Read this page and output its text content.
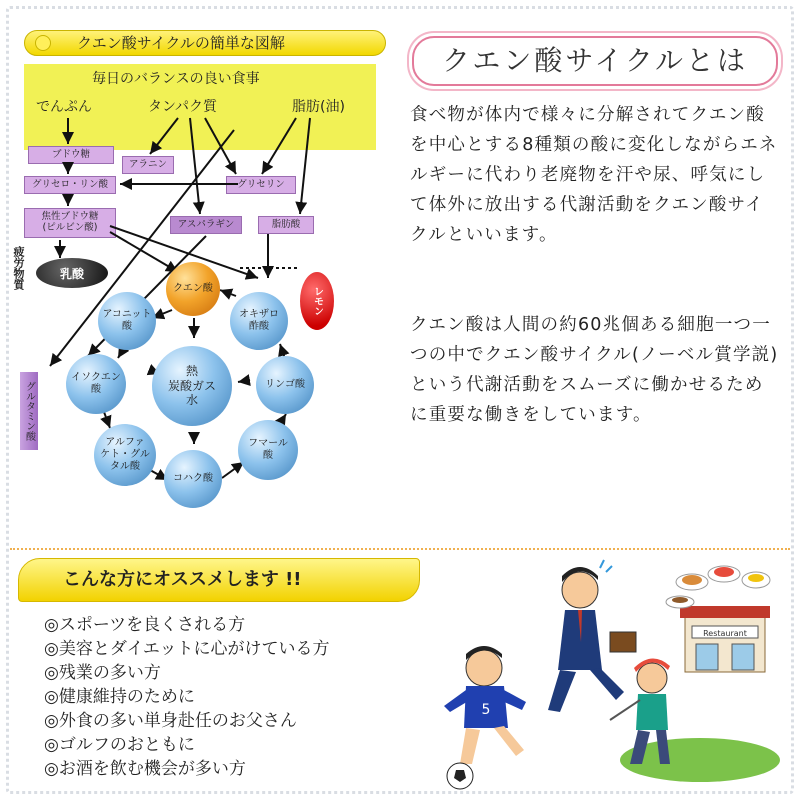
クエン酸サイクルの簡単な図解
毎日のバランスの良い食事
でんぷん	タンパク質	脂肪(油)
ブドウ糖
グリセロ・リン酸
焦性ブドウ糖
(ピルビン酸)
アラニン
アスパラギン
グリセリン
脂肪酸
疲労物質	乳酸
グルタミン酸
レモン
クエン酸
アコニット
酸
オキザロ
酢酸
熱
炭酸ガス
水
イソクエン
酸	リンゴ酸
アルファ
ケト・グル
タル酸
フマール
酸
コハク酸
クエン酸サイクルとは
食べ物が体内で様々に分解されてクエン酸を中心とする8種類の酸に変化しながらエネルギーに代わり老廃物を汗や尿、呼気にして体外に放出する代謝活動をクエン酸サイクルといいます。
クエン酸は人間の約60兆個ある細胞一つ一つの中でクエン酸サイクル(ノーベル賞学説)という代謝活動をスムーズに働かせるために重要な働きをしています。
こんな方にオススメします !!
◎スポーツを良くされる方
◎美容とダイエットに心がけている方
◎残業の多い方
◎健康維持のために
◎外食の多い単身赴任のお父さん
◎ゴルフのおともに
◎お酒を飲む機会が多い方
Restaurant
5
